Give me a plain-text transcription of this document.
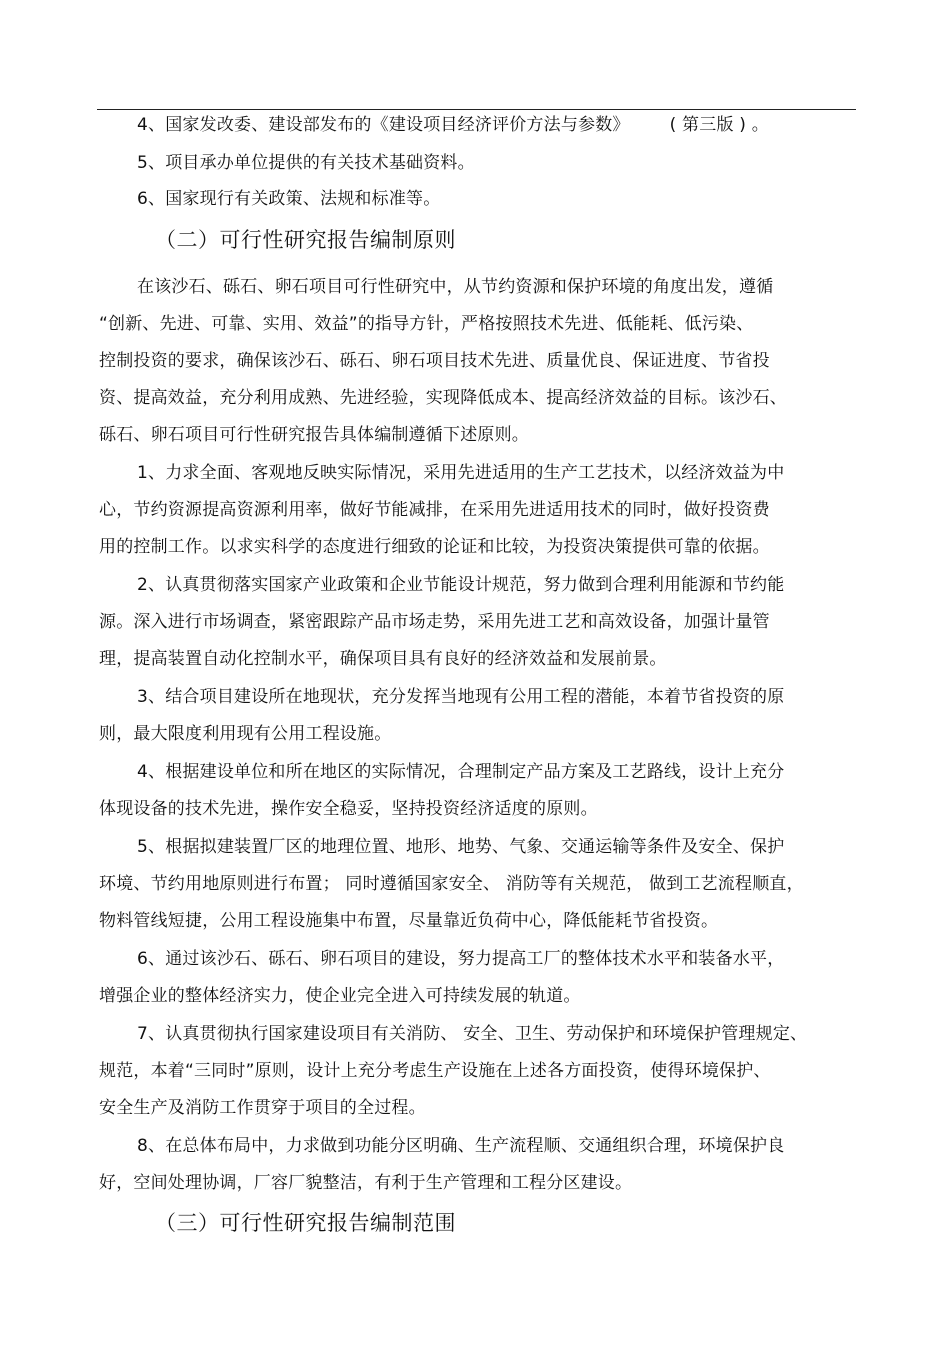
4、国家发改委、建设部发布的《建设项目经济评价方法与参数》 ( 第三版 ) 。
5、项目承办单位提供的有关技术基础资料。
6、国家现行有关政策、法规和标准等。
（二）可行性研究报告编制原则
在该沙石、砾石、卵石项目可行性研究中，从节约资源和保护环境的角度出发，遵循
“创新、先进、可靠、实用、效益”的指导方针，严格按照技术先进、低能耗、低污染、
控制投资的要求，确保该沙石、砾石、卵石项目技术先进、质量优良、保证进度、节省投
资、提高效益，充分利用成熟、先进经验，实现降低成本、提高经济效益的目标。该沙石、
砾石、卵石项目可行性研究报告具体编制遵循下述原则。
1、力求全面、客观地反映实际情况，采用先进适用的生产工艺技术，以经济效益为中
心，节约资源提高资源利用率，做好节能减排，在采用先进适用技术的同时，做好投资费
用的控制工作。以求实科学的态度进行细致的论证和比较，为投资决策提供可靠的依据。
2、认真贯彻落实国家产业政策和企业节能设计规范，努力做到合理利用能源和节约能
源。深入进行市场调查，紧密跟踪产品市场走势，采用先进工艺和高效设备，加强计量管
理，提高装置自动化控制水平，确保项目具有良好的经济效益和发展前景。
3、结合项目建设所在地现状，充分发挥当地现有公用工程的潜能，本着节省投资的原
则，最大限度利用现有公用工程设施。
4、根据建设单位和所在地区的实际情况，合理制定产品方案及工艺路线，设计上充分
体现设备的技术先进，操作安全稳妥，坚持投资经济适度的原则。
5、根据拟建装置厂区的地理位置、地形、地势、气象、交通运输等条件及安全、保护
环境、节约用地原则进行布置； 同时遵循国家安全、 消防等有关规范， 做到工艺流程顺直，
物料管线短捷，公用工程设施集中布置，尽量靠近负荷中心，降低能耗节省投资。
6、通过该沙石、砾石、卵石项目的建设，努力提高工厂的整体技术水平和装备水平，
增强企业的整体经济实力，使企业完全进入可持续发展的轨道。
7、认真贯彻执行国家建设项目有关消防、 安全、卫生、劳动保护和环境保护管理规定、
规范，本着“三同时”原则，设计上充分考虑生产设施在上述各方面投资，使得环境保护、
安全生产及消防工作贯穿于项目的全过程。
8、在总体布局中，力求做到功能分区明确、生产流程顺、交通组织合理，环境保护良
好，空间处理协调，厂容厂貌整洁，有利于生产管理和工程分区建设。
（三）可行性研究报告编制范围
